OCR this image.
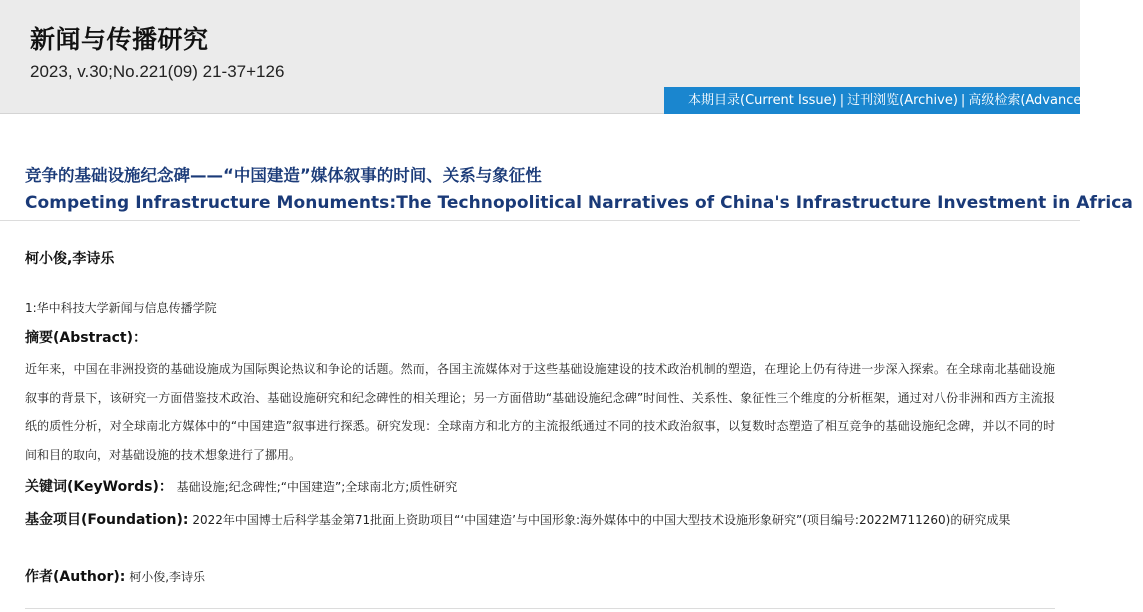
新闻与传播研究
2023, v.30;No.221(09) 21-37+126
本期目录(Current Issue) | 过刊浏览(Archive) | 高级检索(Advanced Search)
竞争的基础设施纪念碑——“中国建造”媒体叙事的时间、关系与象征性
Competing Infrastructure Monuments:The Technopolitical Narratives of China's Infrastructure Investment in Africa
柯小俊,李诗乐
1:华中科技大学新闻与信息传播学院
摘要(Abstract)：
近年来，中国在非洲投资的基础设施成为国际舆论热议和争论的话题。然而，各国主流媒体对于这些基础设施建设的技术政治机制的塑造，在理论上仍有待进一步深入探索。在全球南北基础设施叙事的背景下，该研究一方面借鉴技术政治、基础设施研究和纪念碑性的相关理论；另一方面借助“基础设施纪念碑”时间性、关系性、象征性三个维度的分析框架，通过对八份非洲和西方主流报纸的质性分析，对全球南北方媒体中的“中国建造”叙事进行探悉。研究发现：全球南方和北方的主流报纸通过不同的技术政治叙事，以复数时态塑造了相互竞争的基础设施纪念碑，并以不同的时间和目的取向，对基础设施的技术想象进行了挪用。
关键词(KeyWords)： 基础设施;纪念碑性;“中国建造”;全球南北方;质性研究
基金项目(Foundation): 2022年中国博士后科学基金第71批面上资助项目“‘中国建造’与中国形象:海外媒体中的中国大型技术设施形象研究”(项目编号:2022M711260)的研究成果
作者(Author): 柯小俊,李诗乐
